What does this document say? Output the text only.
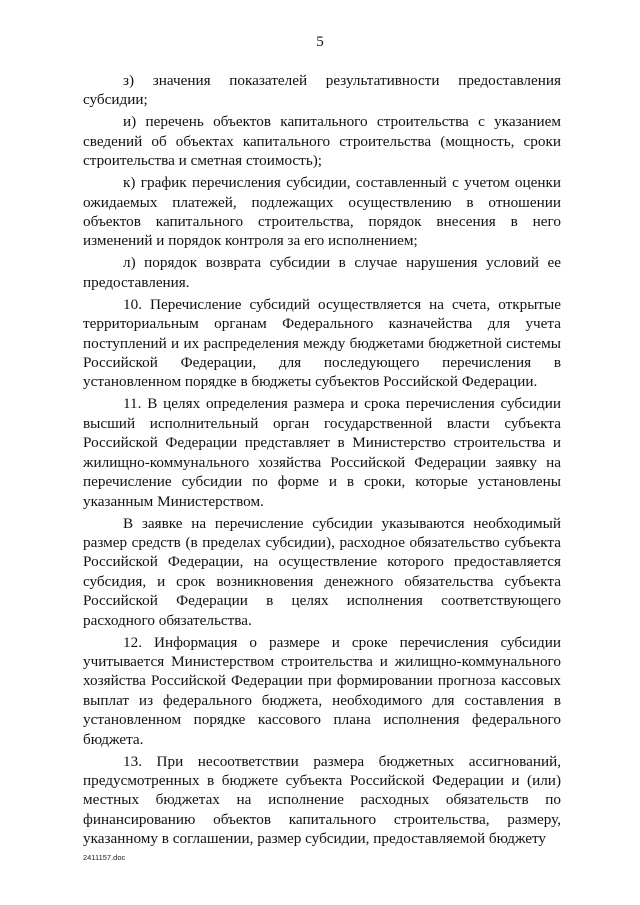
5

з) значения показателей результативности предоставления субсидии;

и) перечень объектов капитального строительства с указанием сведений об объектах капитального строительства (мощность, сроки строительства и сметная стоимость);

к) график перечисления субсидии, составленный с учетом оценки ожидаемых платежей, подлежащих осуществлению в отношении объектов капитального строительства, порядок внесения в него изменений и порядок контроля за его исполнением;

л) порядок возврата субсидии в случае нарушения условий ее предоставления.

10. Перечисление субсидий осуществляется на счета, открытые территориальным органам Федерального казначейства для учета поступлений и их распределения между бюджетами бюджетной системы Российской Федерации, для последующего перечисления в установленном порядке в бюджеты субъектов Российской Федерации.

11. В целях определения размера и срока перечисления субсидии высший исполнительный орган государственной власти субъекта Российской Федерации представляет в Министерство строительства и жилищно-коммунального хозяйства Российской Федерации заявку на перечисление субсидии по форме и в сроки, которые установлены указанным Министерством.

В заявке на перечисление субсидии указываются необходимый размер средств (в пределах субсидии), расходное обязательство субъекта Российской Федерации, на осуществление которого предоставляется субсидия, и срок возникновения денежного обязательства субъекта Российской Федерации в целях исполнения соответствующего расходного обязательства.

12. Информация о размере и сроке перечисления субсидии учитывается Министерством строительства и жилищно-коммунального хозяйства Российской Федерации при формировании прогноза кассовых выплат из федерального бюджета, необходимого для составления в установленном порядке кассового плана исполнения федерального бюджета.

13. При несоответствии размера бюджетных ассигнований, предусмотренных в бюджете субъекта Российской Федерации и (или) местных бюджетах на исполнение расходных обязательств по финансированию объектов капитального строительства, размеру, указанному в соглашении, размер субсидии, предоставляемой бюджету

2411157.doc
